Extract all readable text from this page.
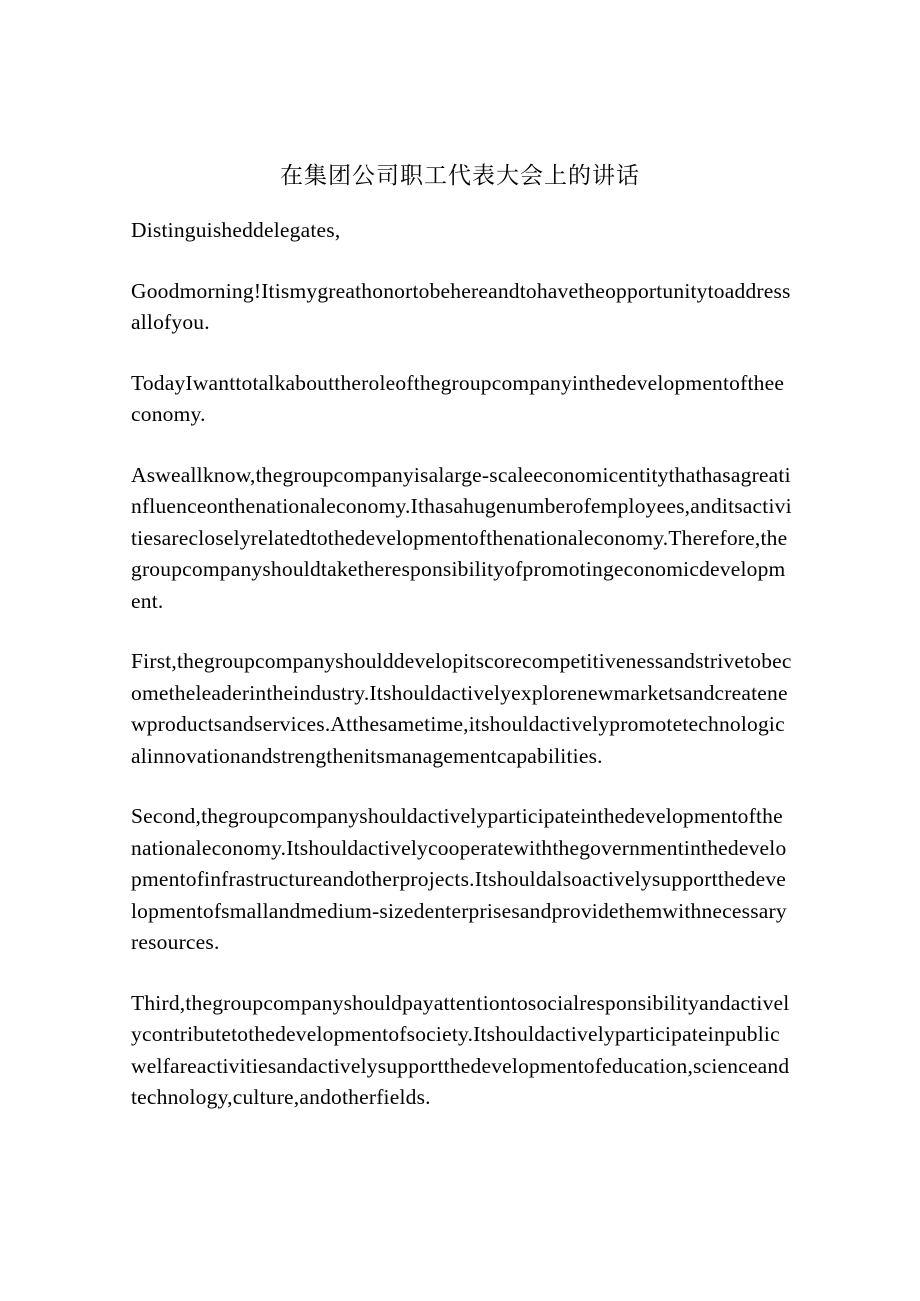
在集团公司职工代表大会上的讲话

Distinguisheddelegates,

Goodmorning!Itismygreathonortobehereandtohavetheopportunitytoaddressallofyou.

TodayIwanttotalkabouttheroleofthegroupcompanyinthedevelopmentoftheeconomy.

Asweallknow,thegroupcompanyisalarge-scaleeconomicentitythathasagreatinfluenceonthenationaleconomy.Ithasahugenumberofemployees,anditsactivitiesarecloselyrelatedtothedevelopmentofthenationaleconomy.Therefore,thegroupcompanyshouldtaketheresponsibilityofpromotingeconomicdevelopment.

First,thegroupcompanyshoulddevelopitscorecompetitivenessandstrivetobecometheleaderintheindustry.Itshouldactivelyexplorenewmarketsandcreatenewproductsandservices.Atthesametime,itshouldactivelypromotetechnologicalinnovationandstrengthenitsmanagementcapabilities.

Second,thegroupcompanyshouldactivelyparticipateinthedevelopmentofthenationaleconomy.Itshouldactivelycooperatewiththegovernmentinthedevelopmentofinfrastructureandotherprojects.Itshouldalsoactivelysupportthedevelopmentofsmallandmedium-sizedenterprisesandprovidethemwithnecessaryresources.

Third,thegroupcompanyshouldpayattentiontosocialresponsibilityandactivelycontributetothedevelopmentofsociety.Itshouldactivelyparticipateinpublicwelfareactivitiesandactivelysupportthedevelopmentofeducation,scienceandtechnology,culture,andotherfields.
